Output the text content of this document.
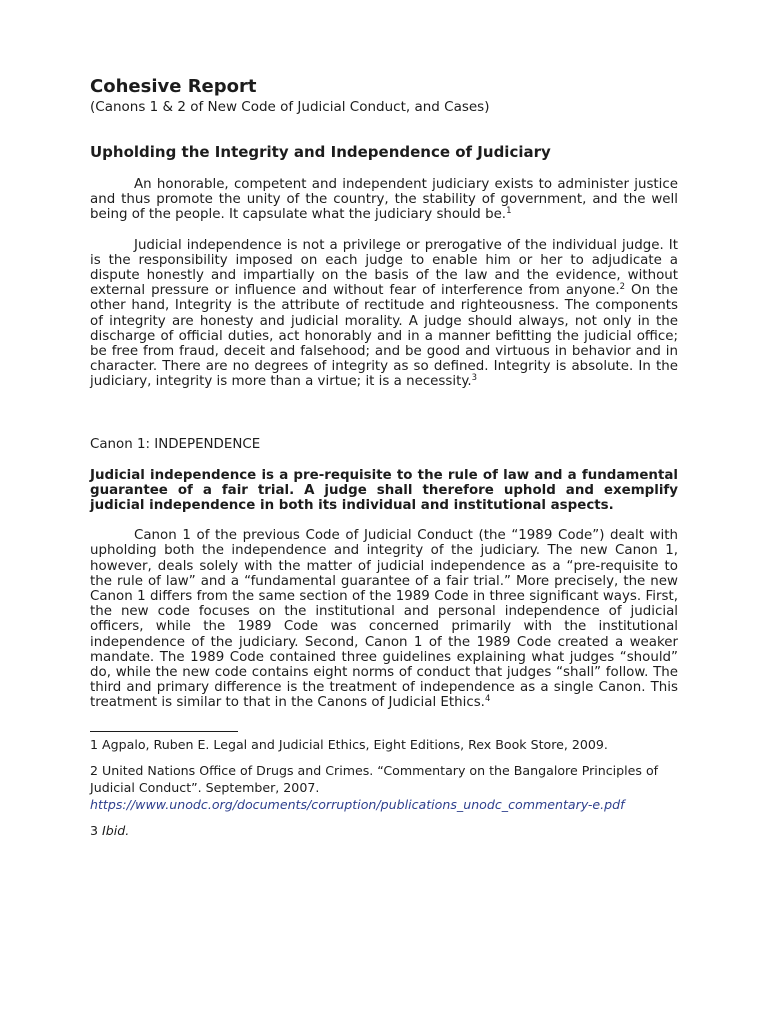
Cohesive Report

(Canons 1 & 2 of New Code of Judicial Conduct, and Cases)

Upholding the Integrity and Independence of Judiciary

An honorable, competent and independent judiciary exists to administer justice and thus promote the unity of the country, the stability of government, and the well being of the people. It capsulate what the judiciary should be.$^1$

Judicial independence is not a privilege or prerogative of the individual judge. It is the responsibility imposed on each judge to enable him or her to adjudicate a dispute honestly and impartially on the basis of the law and the evidence, without external pressure or influence and without fear of interference from anyone.$^2$ On the other hand, Integrity is the attribute of rectitude and righteousness. The components of integrity are honesty and judicial morality. A judge should always, not only in the discharge of official duties, act honorably and in a manner befitting the judicial office; be free from fraud, deceit and falsehood; and be good and virtuous in behavior and in character. There are no degrees of integrity as so defined. Integrity is absolute. In the judiciary, integrity is more than a virtue; it is a necessity.$^3$

Canon 1: INDEPENDENCE

Judicial independence is a pre-requisite to the rule of law and a fundamental guarantee of a fair trial. A judge shall therefore uphold and exemplify judicial independence in both its individual and institutional aspects.

Canon 1 of the previous Code of Judicial Conduct (the “1989 Code”) dealt with upholding both the independence and integrity of the judiciary. The new Canon 1, however, deals solely with the matter of judicial independence as a “pre-requisite to the rule of law” and a “fundamental guarantee of a fair trial.” More precisely, the new Canon 1 differs from the same section of the 1989 Code in three significant ways. First, the new code focuses on the institutional and personal independence of judicial officers, while the 1989 Code was concerned primarily with the institutional independence of the judiciary. Second, Canon 1 of the 1989 Code created a weaker mandate. The 1989 Code contained three guidelines explaining what judges “should” do, while the new code contains eight norms of conduct that judges “shall” follow. The third and primary difference is the treatment of independence as a single Canon. This treatment is similar to that in the Canons of Judicial Ethics.$^4$

1 Agpalo, Ruben E. Legal and Judicial Ethics, Eight Editions, Rex Book Store, 2009.

2 United Nations Office of Drugs and Crimes. “Commentary on the Bangalore Principles of Judicial Conduct”. September, 2007.
https://www.unodc.org/documents/corruption/publications_unodc_commentary-e.pdf

3 Ibid.
